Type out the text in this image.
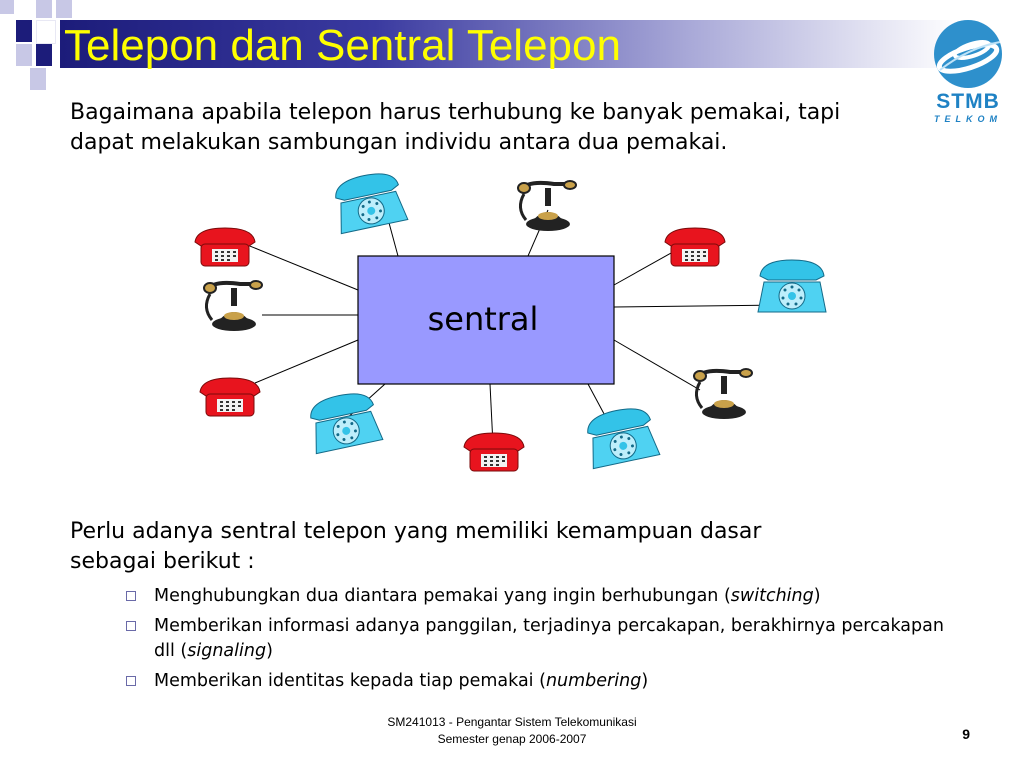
Telepon dan Sentral Telepon
STMB
TELKOM
Bagaimana apabila telepon harus terhubung ke banyak pemakai, tapi
dapat melakukan sambungan individu antara dua pemakai.
sentral
Perlu adanya sentral telepon yang memiliki kemampuan dasar
sebagai berikut :
Menghubungkan dua diantara pemakai yang ingin berhubungan (switching)
Memberikan informasi adanya panggilan, terjadinya percakapan, berakhirnya percakapan dll (signaling)
Memberikan identitas kepada tiap pemakai (numbering)
SM241013 - Pengantar Sistem Telekomunikasi
Semester genap 2006-2007	9
